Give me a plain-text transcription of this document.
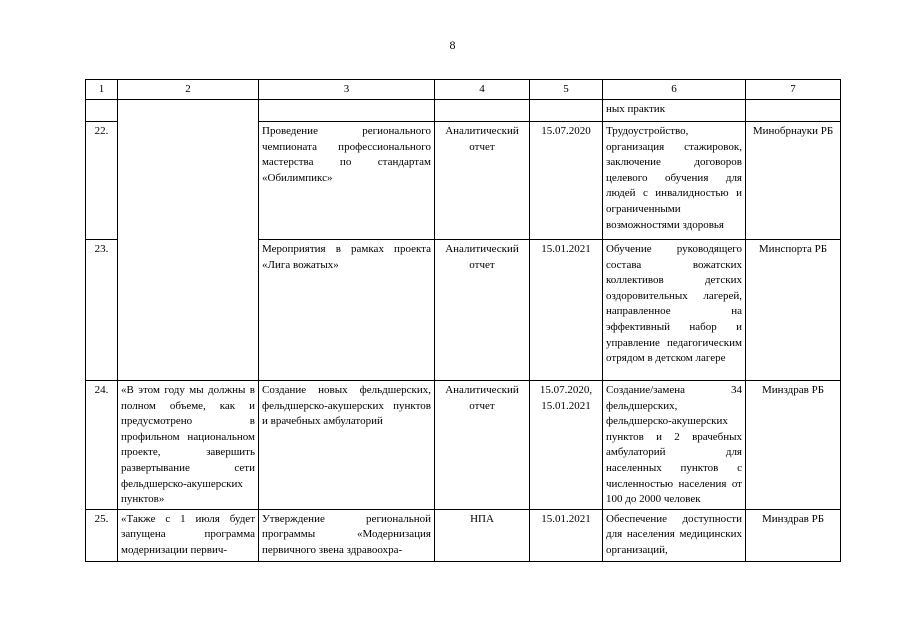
8
1	2	3	4	5	6	7
					ных практик	
22.		Проведение регионального чемпионата профессионального мастерства по стандартам «Обилимпикс»	Аналитический отчет	15.07.2020	Трудоустройство, организация стажировок, заключение договоров целевого обучения для людей с инвалидностью и ограниченными возможностями здоровья	Минобрнауки РБ
23.		Мероприятия в рамках проекта «Лига вожатых»	Аналитический отчет	15.01.2021	Обучение руководящего состава вожатских коллективов детских оздоровительных лагерей, направленное на эффективный набор и управление педагогическим отрядом в детском лагере	Минспорта РБ
24.	«В этом году мы должны в полном объеме, как и предусмотрено в профильном национальном проекте, завершить развертывание сети фельдшерско-акушерских пунктов»	Создание новых фельдшерских, фельдшерско-акушерских пунктов и врачебных амбулаторий	Аналитический отчет	15.07.2020, 15.01.2021	Создание/замена 34 фельдшерских, фельдшерско-акушерских пунктов и 2 врачебных амбулаторий для населенных пунктов с численностью населения от 100 до 2000 человек	Минздрав РБ
25.	«Также с 1 июля будет запущена программа модернизации первич-	Утверждение региональной программы «Модернизация первичного звена здравоохра-	НПА	15.01.2021	Обеспечение доступности для населения медицинских организаций,	Минздрав РБ
